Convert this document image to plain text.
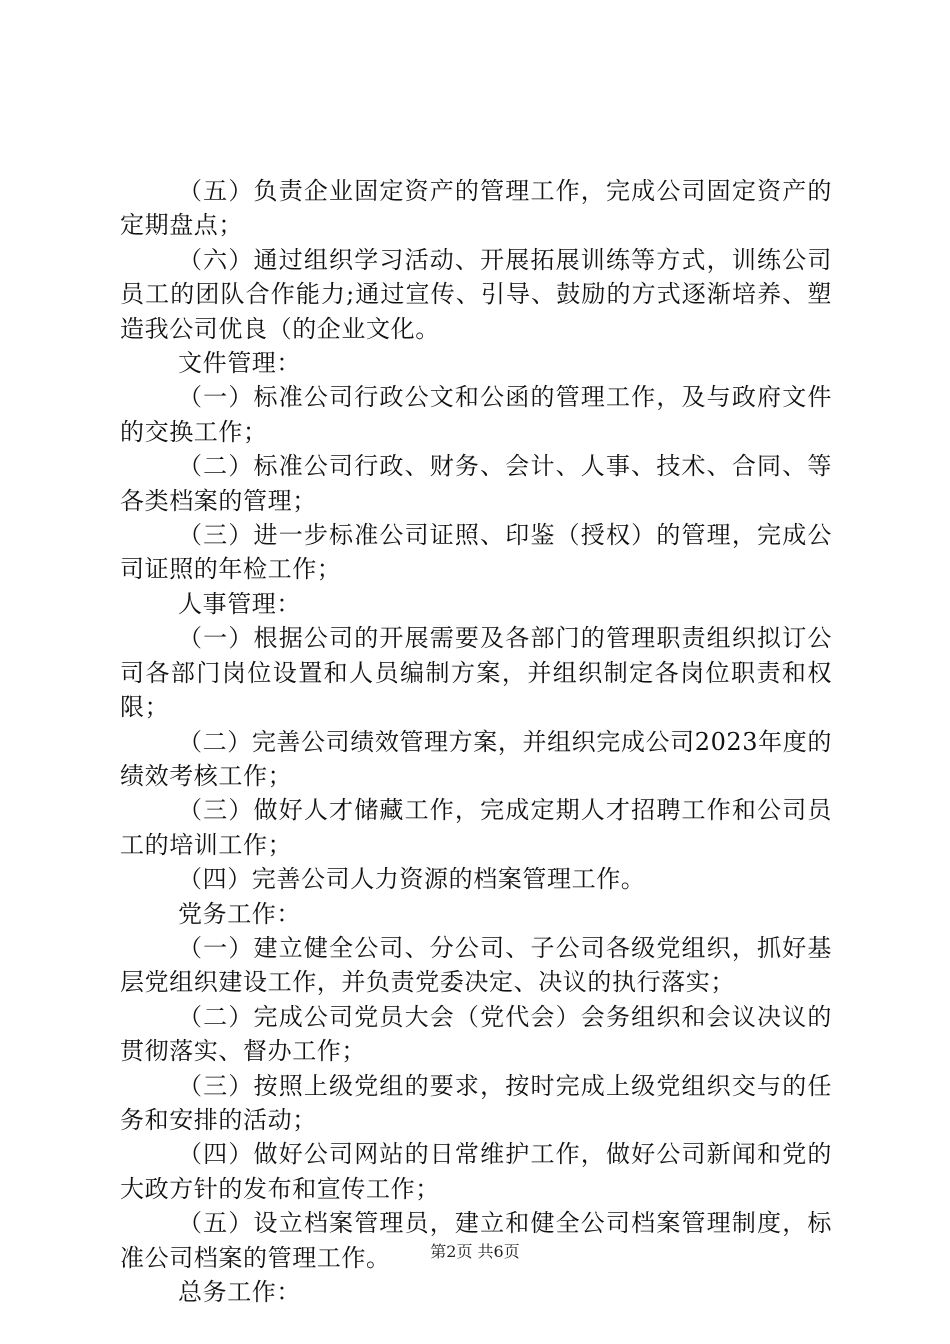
（五）负责企业固定资产的管理工作，完成公司固定资产的定期盘点；

（六）通过组织学习活动、开展拓展训练等方式，训练公司员工的团队合作能力;通过宣传、引导、鼓励的方式逐渐培养、塑造我公司优良（的企业文化。

文件管理：

（一）标准公司行政公文和公函的管理工作，及与政府文件的交换工作；

（二）标准公司行政、财务、会计、人事、技术、合同、等各类档案的管理；

（三）进一步标准公司证照、印鉴（授权）的管理，完成公司证照的年检工作；

人事管理：

（一）根据公司的开展需要及各部门的管理职责组织拟订公司各部门岗位设置和人员编制方案，并组织制定各岗位职责和权限；

（二）完善公司绩效管理方案，并组织完成公司2023年度的绩效考核工作；

（三）做好人才储藏工作，完成定期人才招聘工作和公司员工的培训工作；

（四）完善公司人力资源的档案管理工作。

党务工作：

（一）建立健全公司、分公司、子公司各级党组织，抓好基层党组织建设工作，并负责党委决定、决议的执行落实；

（二）完成公司党员大会（党代会）会务组织和会议决议的贯彻落实、督办工作；

（三）按照上级党组的要求，按时完成上级党组织交与的任务和安排的活动；

（四）做好公司网站的日常维护工作，做好公司新闻和党的大政方针的发布和宣传工作；

（五）设立档案管理员，建立和健全公司档案管理制度，标准公司档案的管理工作。

总务工作：

第2页 共6页
